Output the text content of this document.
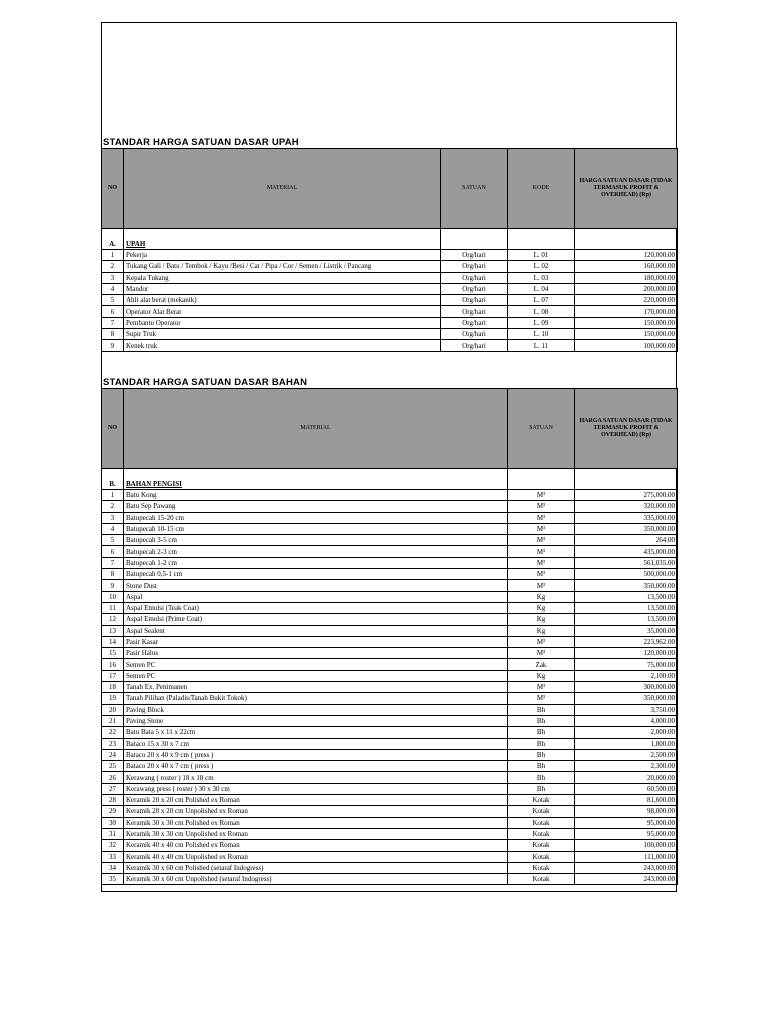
STANDAR HARGA SATUAN DASAR UPAH
NO	MATERIAL	SATUAN	KODE	HARGA SATUAN DASAR (TIDAK TERMASUK PROFIT & OVERHEAD) (Rp)
A.	UPAH			
1	Pekerja	Org/hari	L. 01	120,000.00
2	Tukang Gali / Batu / Tembok / Kayu /Besi / Cat / Pipa / Cor / Semen / Listrik / Pancang	Org/hari	L. 02	160,000.00
3	Kepala Tukang	Org/hari	L. 03	180,000.00
4	Mandor	Org/hari	L. 04	200,000.00
5	Ahli alat berat (mekanik)	Org/hari	L. 07	220,000.00
6	Operator Alat Berat	Org/hari	L. 08	170,000.00
7	Pembantu Operator	Org/hari	L. 09	150,000.00
8	Supir Truk	Org/hari	L. 10	150,000.00
9	Kenek truk	Org/hari	L. 11	100,000.00
STANDAR HARGA SATUAN DASAR BAHAN
NO	MATERIAL	SATUAN	HARGA SATUAN DASAR (TIDAK TERMASUK PROFIT & OVERHEAD) (Rp)
B.	BAHAN PENGISI		
1	Batu Kong	M³	275,000.00
2	Batu Sep Pawang	M³	320,000.00
3	Batupecah 15-20 cm	M³	335,000.00
4	Batupecah 10-15 cm	M³	350,000.00
5	Batupecah 3-5 cm	M³	264.00
6	Batupecah 2-3 cm	M³	435,000.00
7	Batupecah 1-2 cm	M³	561,035.00
8	Batupecah 0,5-1 cm	M³	500,000.00
9	Stone Dust	M³	350,000.00
10	Aspal	Kg	13,500.00
11	Aspal Emulsi (Teak Coat)	Kg	13,500.00
12	Aspal Emulsi (Prime Coat)	Kg	13,500.00
13	Aspal Sealent	Kg	35,000.00
14	Pasir Kasar	M³	223,962.00
15	Pasir Halus	M³	120,000.00
16	Semen PC	Zak	75,000.00
17	Semen PC	Kg	2,100.00
18	Tanah Ex. Penimanen	M³	300,000.00
19	Tanah Pilihan (Paladis/Tanah Bukit Tokok)	M³	350,000.00
20	Paving Block	Bh	3,750.00
21	Paving Stone	Bh	4,000.00
22	Batu Bata 5 x 11 x 22cm	Bh	2,000.00
23	Bataco 15 x 30 x 7 cm	Bh	1,800.00
24	Bataco 20 x 40 x 9 cm ( press )	Bh	2,500.00
25	Bataco 20 x 40 x 7 cm ( press )	Bh	2,300.00
26	Kerawang ( roster ) 18 x 18 cm	Bh	20,000.00
27	Kerawang press ( roster ) 30 x 30 cm	Bh	60,500.00
28	Keramik 20 x 20 cm Polished ex Roman	Kotak	81,600.00
29	Keramik 20 x 20 cm Unpolished ex Roman	Kotak	98,000.00
30	Keramik 30 x 30 cm Polished ex Roman	Kotak	95,000.00
31	Keramik 30 x 30 cm Unpolished ex Roman	Kotak	95,000.00
32	Keramik 40 x 40 cm Polished ex Roman	Kotak	100,000.00
33	Keramik 40 x 40 cm Unpolished ex Roman	Kotak	111,000.00
34	Keramik 30 x 60 cm Polished (setaraf Indogress)	Kotak	243,000.00
35	Keramik 30 x 60 cm Unpolished (setaraf Indogress)	Kotak	243,000.00
